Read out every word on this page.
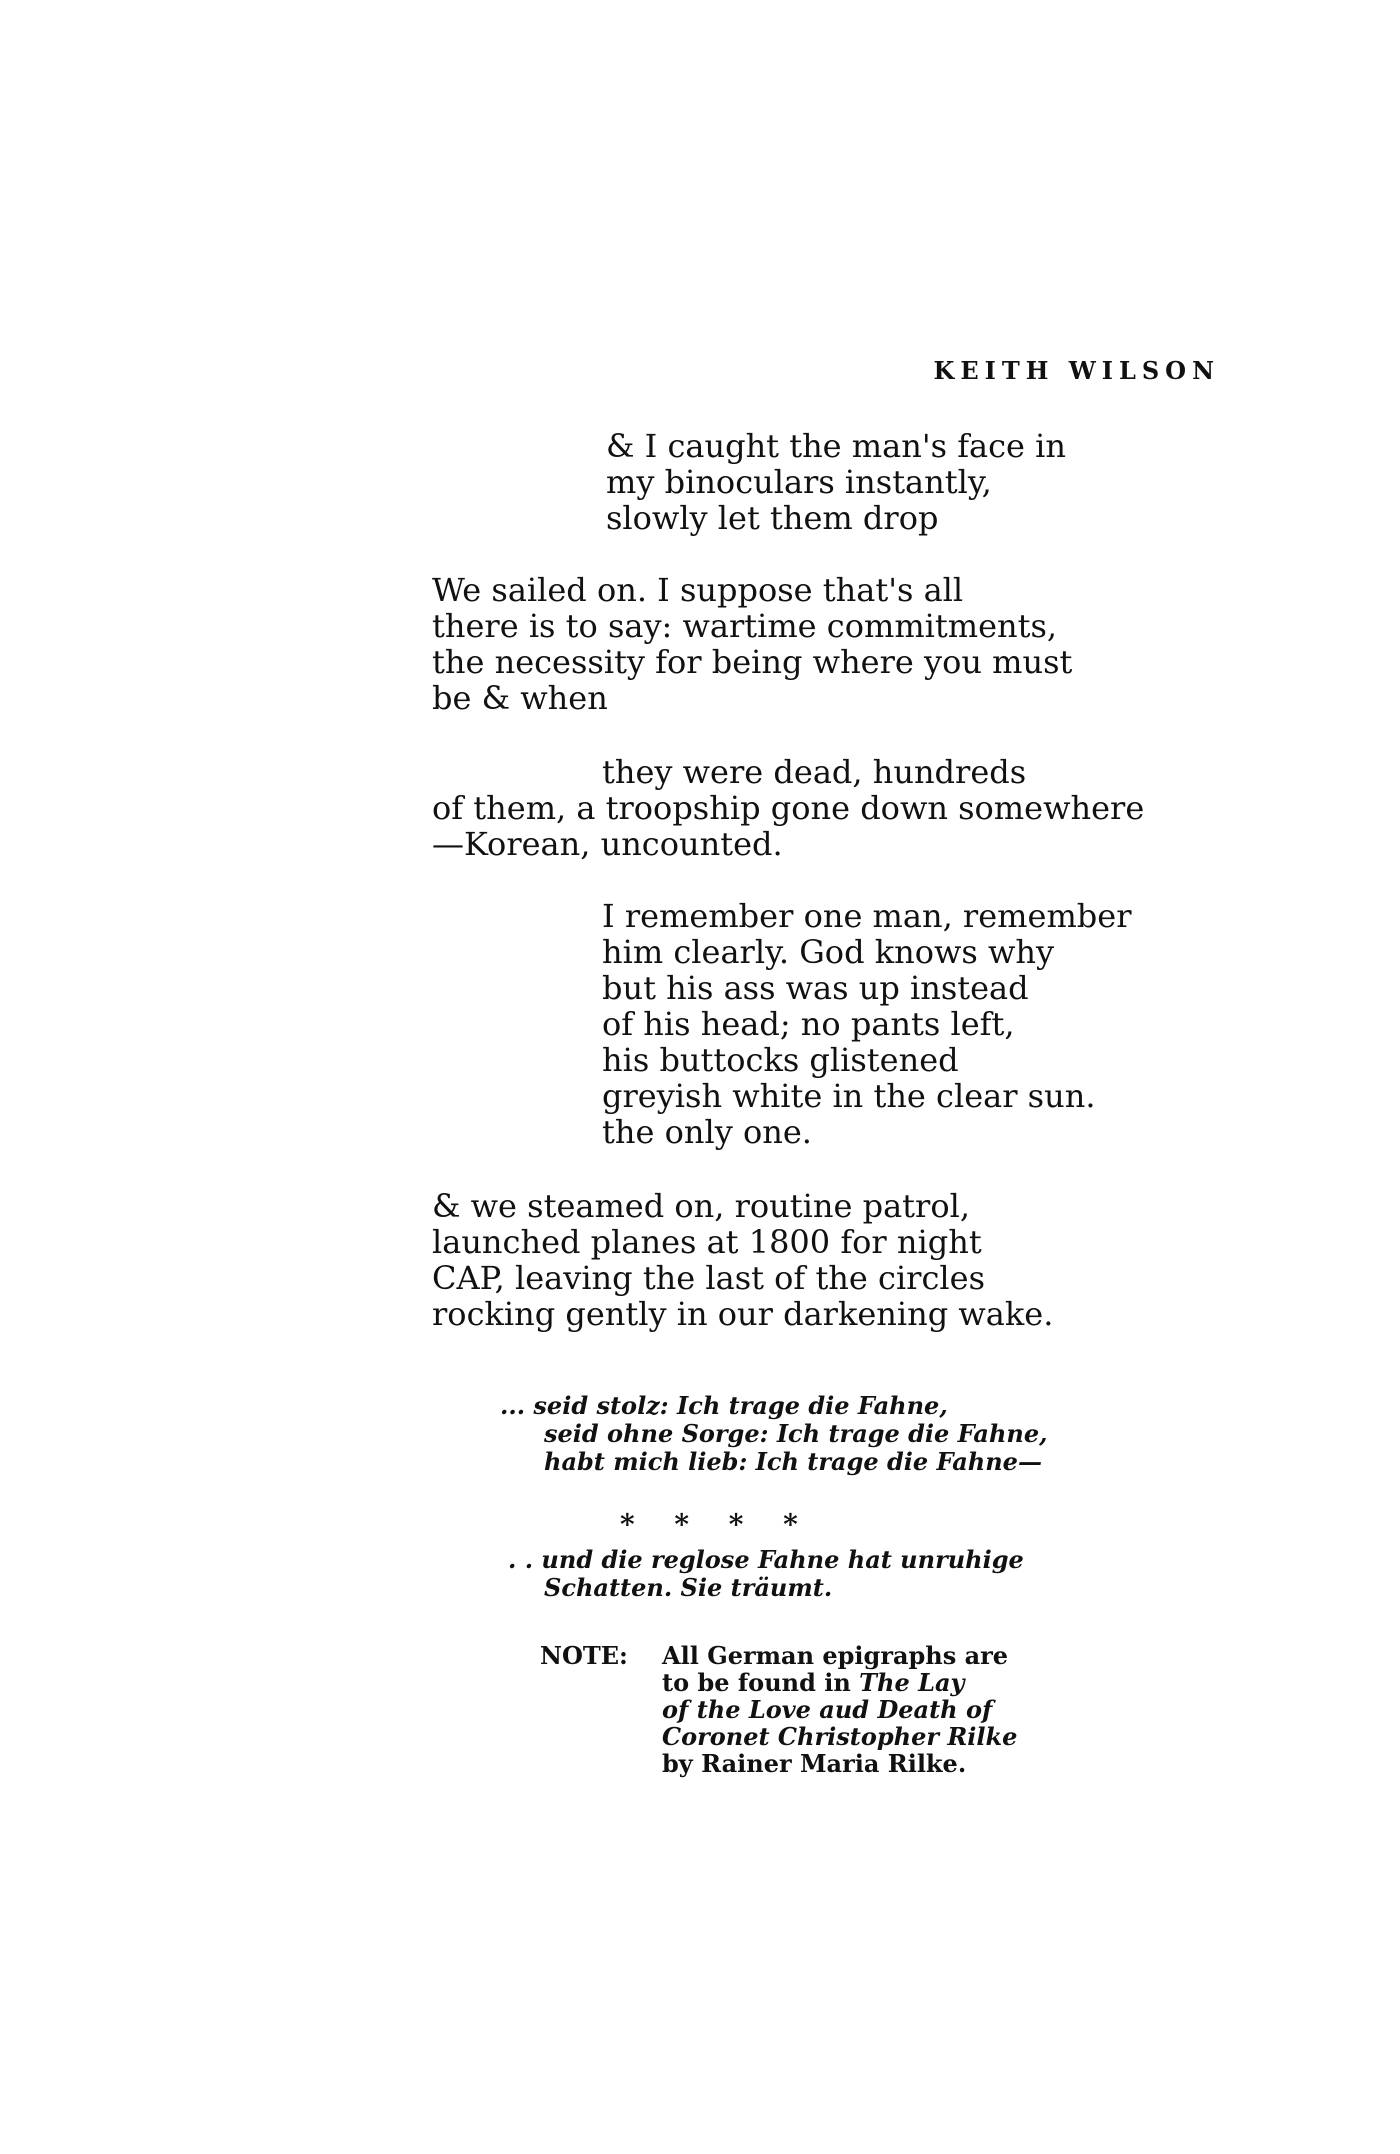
KEITH WILSON
& I caught the man's face in
my binoculars instantly,
slowly let them drop
We sailed on. I suppose that's all
there is to say: wartime commitments,
the necessity for being where you must
be & when
they were dead, hundreds
of them, a troopship gone down somewhere
—Korean, uncounted.
I remember one man, remember
him clearly. God knows why
but his ass was up instead
of his head; no pants left,
his buttocks glistened
greyish white in the clear sun.
the only one.
& we steamed on, routine patrol,
launched planes at 1800 for night
CAP, leaving the last of the circles
rocking gently in our darkening wake.
... seid stolz: Ich trage die Fahne,
seid ohne Sorge: Ich trage die Fahne,
habt mich lieb: Ich trage die Fahne—
* * * *
. . und die reglose Fahne hat unruhige
Schatten. Sie träumt.
NOTE: All German epigraphs are
to be found in The Lay
of the Love aud Death of
Coronet Christopher Rilke
by Rainer Maria Rilke.
